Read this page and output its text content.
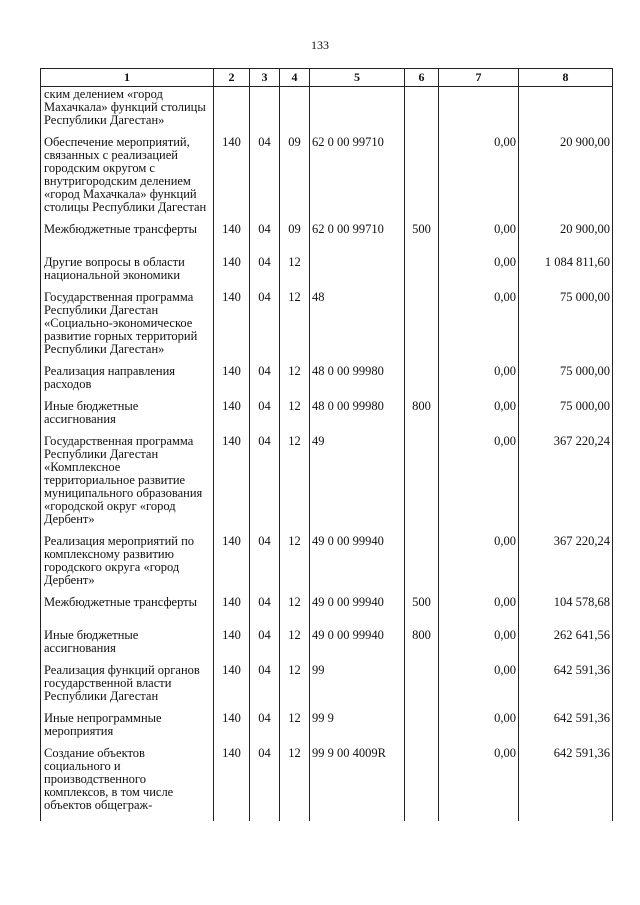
133
1	2	3	4	5	6	7	8

ским делением «город Махачкала» функций столицы Республики Дагестан»							

Обеспечение мероприятий, связанных с реализацией городским округом с внутригородским делением «город Махачкала» функций столицы Республики Дагестан	140	04	09	62 0 00 99710		0,00	20 900,00

Межбюджетные трансферты	140	04	09	62 0 00 99710	500	0,00	20 900,00

Другие вопросы в области национальной экономики	140	04	12			0,00	1 084 811,60

Государственная программа Республики Дагестан «Социально-экономическое развитие горных территорий Республики Дагестан»	140	04	12	48		0,00	75 000,00

Реализация направления расходов	140	04	12	48 0 00 99980		0,00	75 000,00

Иные бюджетные ассигнования	140	04	12	48 0 00 99980	800	0,00	75 000,00

Государственная программа Республики Дагестан «Комплексное территориальное развитие муниципального образования «городской округ «город Дербент»	140	04	12	49		0,00	367 220,24

Реализация мероприятий по комплексному развитию городского округа «город Дербент»	140	04	12	49 0 00 99940		0,00	367 220,24

Межбюджетные трансферты	140	04	12	49 0 00 99940	500	0,00	104 578,68

Иные бюджетные ассигнования	140	04	12	49 0 00 99940	800	0,00	262 641,56

Реализация функций органов государственной власти Республики Дагестан	140	04	12	99		0,00	642 591,36

Иные непрограммные мероприятия	140	04	12	99 9		0,00	642 591,36

Создание объектов социального и производственного комплексов, в том числе объектов общеграж-	140	04	12	99 9 00 4009R		0,00	642 591,36
